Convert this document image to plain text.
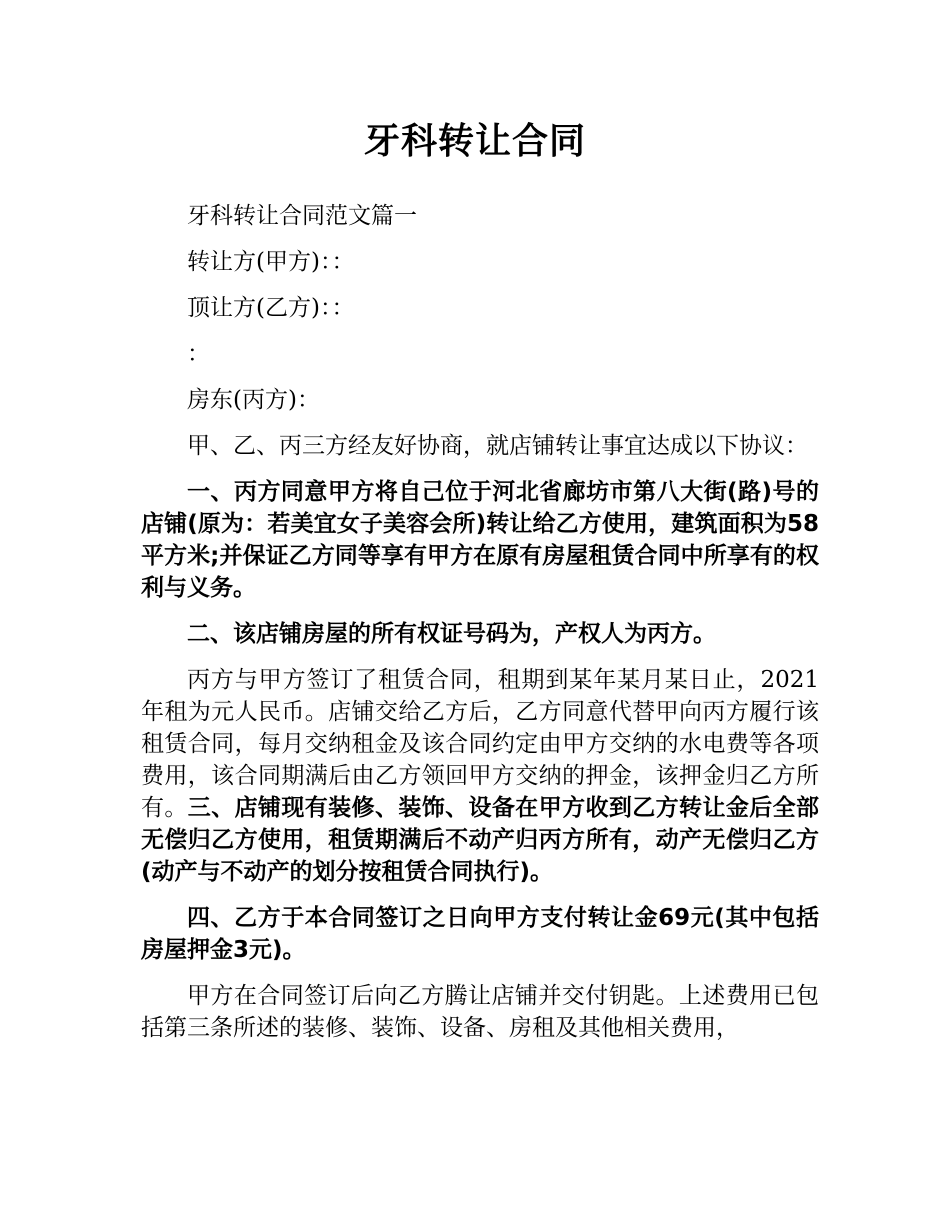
牙科转让合同

牙科转让合同范文篇一

转让方(甲方)：：

顶让方(乙方)：：

：

房东(丙方)：

甲、乙、丙三方经友好协商，就店铺转让事宜达成以下协议：

一、丙方同意甲方将自己位于河北省廊坊市第八大街(路)号的店铺(原为：若美宜女子美容会所)转让给乙方使用，建筑面积为58平方米;并保证乙方同等享有甲方在原有房屋租赁合同中所享有的权利与义务。

二、该店铺房屋的所有权证号码为，产权人为丙方。

丙方与甲方签订了租赁合同，租期到某年某月某日止，2021年租为元人民币。店铺交给乙方后，乙方同意代替甲向丙方履行该租赁合同，每月交纳租金及该合同约定由甲方交纳的水电费等各项费用，该合同期满后由乙方领回甲方交纳的押金，该押金归乙方所有。三、店铺现有装修、装饰、设备在甲方收到乙方转让金后全部无偿归乙方使用，租赁期满后不动产归丙方所有，动产无偿归乙方(动产与不动产的划分按租赁合同执行)。

四、乙方于本合同签订之日向甲方支付转让金69元(其中包括房屋押金3元)。

甲方在合同签订后向乙方腾让店铺并交付钥匙。上述费用已包括第三条所述的装修、装饰、设备、房租及其他相关费用，
